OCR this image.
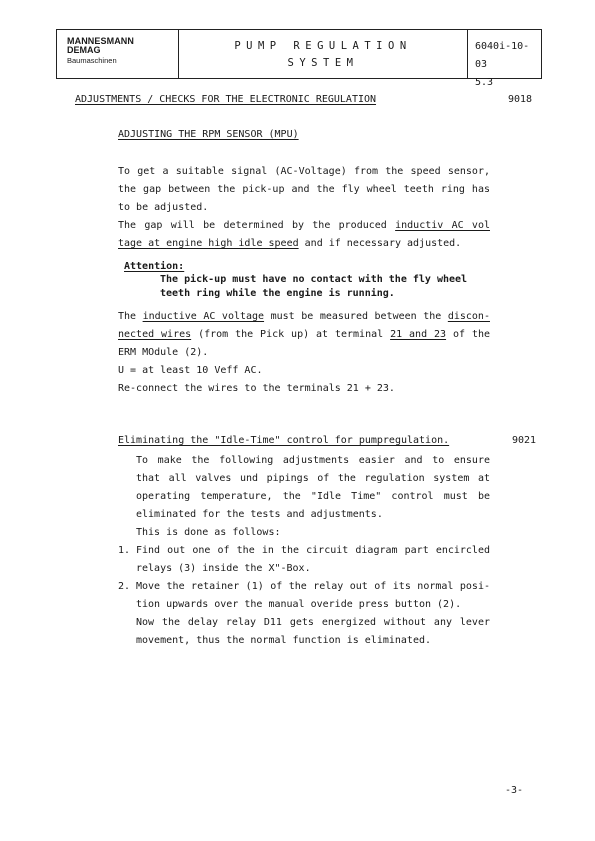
MANNESMANN
DEMAG
Baumaschinen
PUMP REGULATION
SYSTEM
6040i-10-03
5.3
ADJUSTMENTS / CHECKS FOR THE ELECTRONIC REGULATION	9018
ADJUSTING THE RPM SENSOR (MPU)
To get a suitable signal (AC-Voltage) from the speed sensor,
the gap between the pick-up and the fly wheel teeth ring has
to be adjusted.
The gap will be determined by the produced inductiv AC vol
tage at engine high idle speed and if necessary adjusted.
Attention:
The pick-up must have no contact with the fly wheel
teeth ring while the engine is running.
The inductive AC voltage must be measured between the discon-
nected wires (from the Pick up) at terminal 21 and 23 of the
ERM MOdule (2).
U = at least 10 Veff AC.
Re-connect the wires to the terminals 21 + 23.
Eliminating the "Idle-Time" control for pumpregulation.	9021
To make the following adjustments easier and to ensure
that all valves und pipings of the regulation system at
operating temperature, the "Idle Time" control must be
eliminated for the tests and adjustments.
This is done as follows:
1. Find out one of the in the circuit diagram part encircled
relays (3) inside the X"-Box.
2. Move the retainer (1) of the relay out of its normal posi-
tion upwards over the manual overide press button (2).
Now the delay relay D11 gets energized without any lever
movement, thus the normal function is eliminated.
-3-
